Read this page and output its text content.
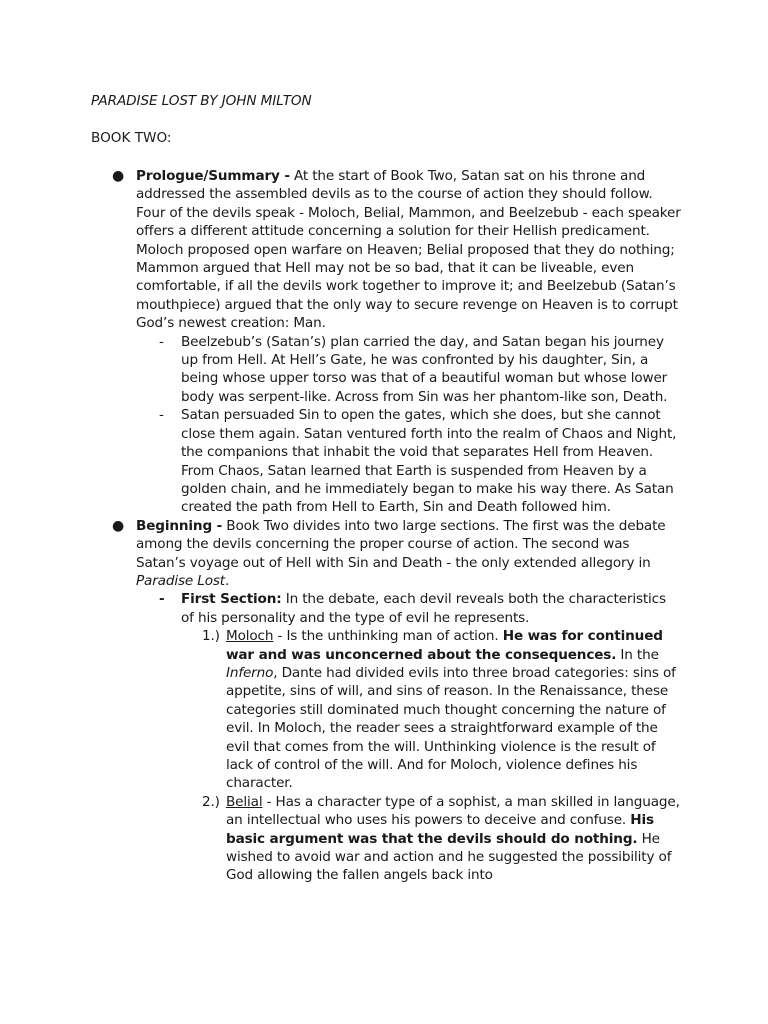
PARADISE LOST BY JOHN MILTON
BOOK TWO:
● Prologue/Summary - At the start of Book Two, Satan sat on his throne and addressed the assembled devils as to the course of action they should follow. Four of the devils speak - Moloch, Belial, Mammon, and Beelzebub - each speaker offers a different attitude concerning a solution for their Hellish predicament. Moloch proposed open warfare on Heaven; Belial proposed that they do nothing; Mammon argued that Hell may not be so bad, that it can be liveable, even comfortable, if all the devils work together to improve it; and Beelzebub (Satan’s mouthpiece) argued that the only way to secure revenge on Heaven is to corrupt God’s newest creation: Man.
- Beelzebub’s (Satan’s) plan carried the day, and Satan began his journey up from Hell. At Hell’s Gate, he was confronted by his daughter, Sin, a being whose upper torso was that of a beautiful woman but whose lower body was serpent-like. Across from Sin was her phantom-like son, Death.
- Satan persuaded Sin to open the gates, which she does, but she cannot close them again. Satan ventured forth into the realm of Chaos and Night, the companions that inhabit the void that separates Hell from Heaven. From Chaos, Satan learned that Earth is suspended from Heaven by a golden chain, and he immediately began to make his way there. As Satan created the path from Hell to Earth, Sin and Death followed him.
● Beginning - Book Two divides into two large sections. The first was the debate among the devils concerning the proper course of action. The second was Satan’s voyage out of Hell with Sin and Death - the only extended allegory in Paradise Lost.
- First Section: In the debate, each devil reveals both the characteristics of his personality and the type of evil he represents.
1.) Moloch - Is the unthinking man of action. He was for continued war and was unconcerned about the consequences. In the Inferno, Dante had divided evils into three broad categories: sins of appetite, sins of will, and sins of reason. In the Renaissance, these categories still dominated much thought concerning the nature of evil. In Moloch, the reader sees a straightforward example of the evil that comes from the will. Unthinking violence is the result of lack of control of the will. And for Moloch, violence defines his character.
2.) Belial - Has a character type of a sophist, a man skilled in language, an intellectual who uses his powers to deceive and confuse. His basic argument was that the devils should do nothing. He wished to avoid war and action and he suggested the possibility of God allowing the fallen angels back into
